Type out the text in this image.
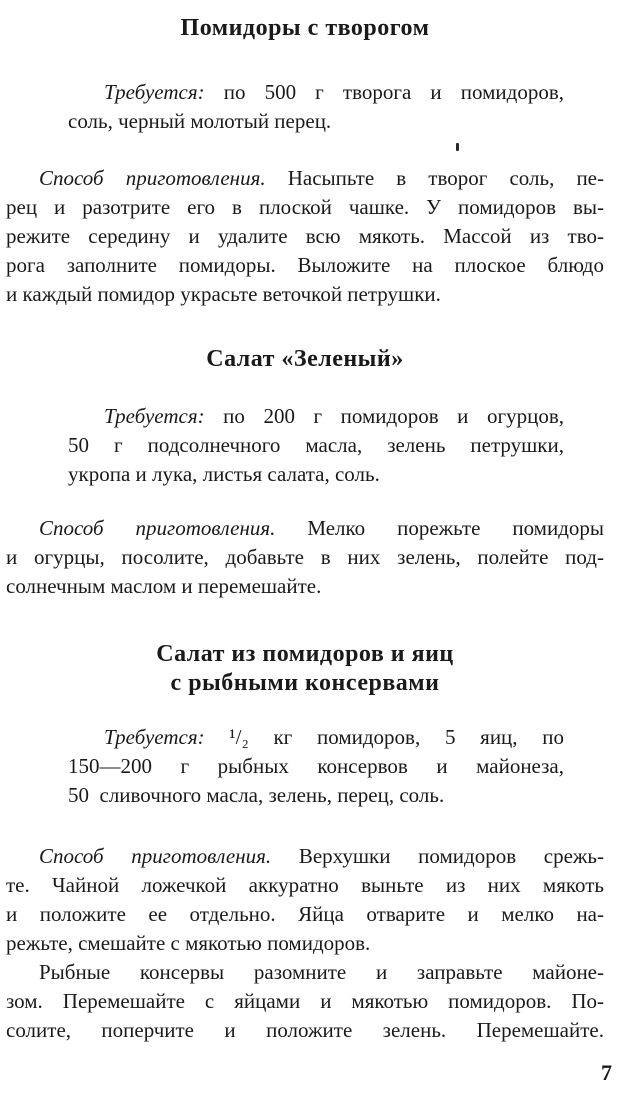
Помидоры с творогом
Требуется: по 500 г творога и помидоров,
соль, черный молотый перец.
Способ приготовления. Насыпьте в творог соль, пе-
рец и разотрите его в плоской чашке. У помидоров вы-
режите середину и удалите всю мякоть. Массой из тво-
рога заполните помидоры. Выложите на плоское блюдо
и каждый помидор украсьте веточкой петрушки.
Салат «Зеленый»
Требуется: по 200 г помидоров и огурцов,
50 г подсолнечного масла, зелень петрушки,
укропа и лука, листья салата, соль.
Способ приготовления. Мелко порежьте помидоры
и огурцы, посолите, добавьте в них зелень, полейте под-
солнечным маслом и перемешайте.
Салат из помидоров и яиц
с рыбными консервами
Требуется: ¹/₂ кг помидоров, 5 яиц, по
150—200 г рыбных консервов и майонеза,
50  сливочного масла, зелень, перец, соль.
Способ приготовления. Верхушки помидоров срежь-
те. Чайной ложечкой аккуратно выньте из них мякоть
и положите ее отдельно. Яйца отварите и мелко на-
режьте, смешайте с мякотью помидоров.
Рыбные консервы разомните и заправьте майоне-
зом. Перемешайте с яйцами и мякотью помидоров. По-
солите, поперчите и положите зелень. Перемешайте.
7
